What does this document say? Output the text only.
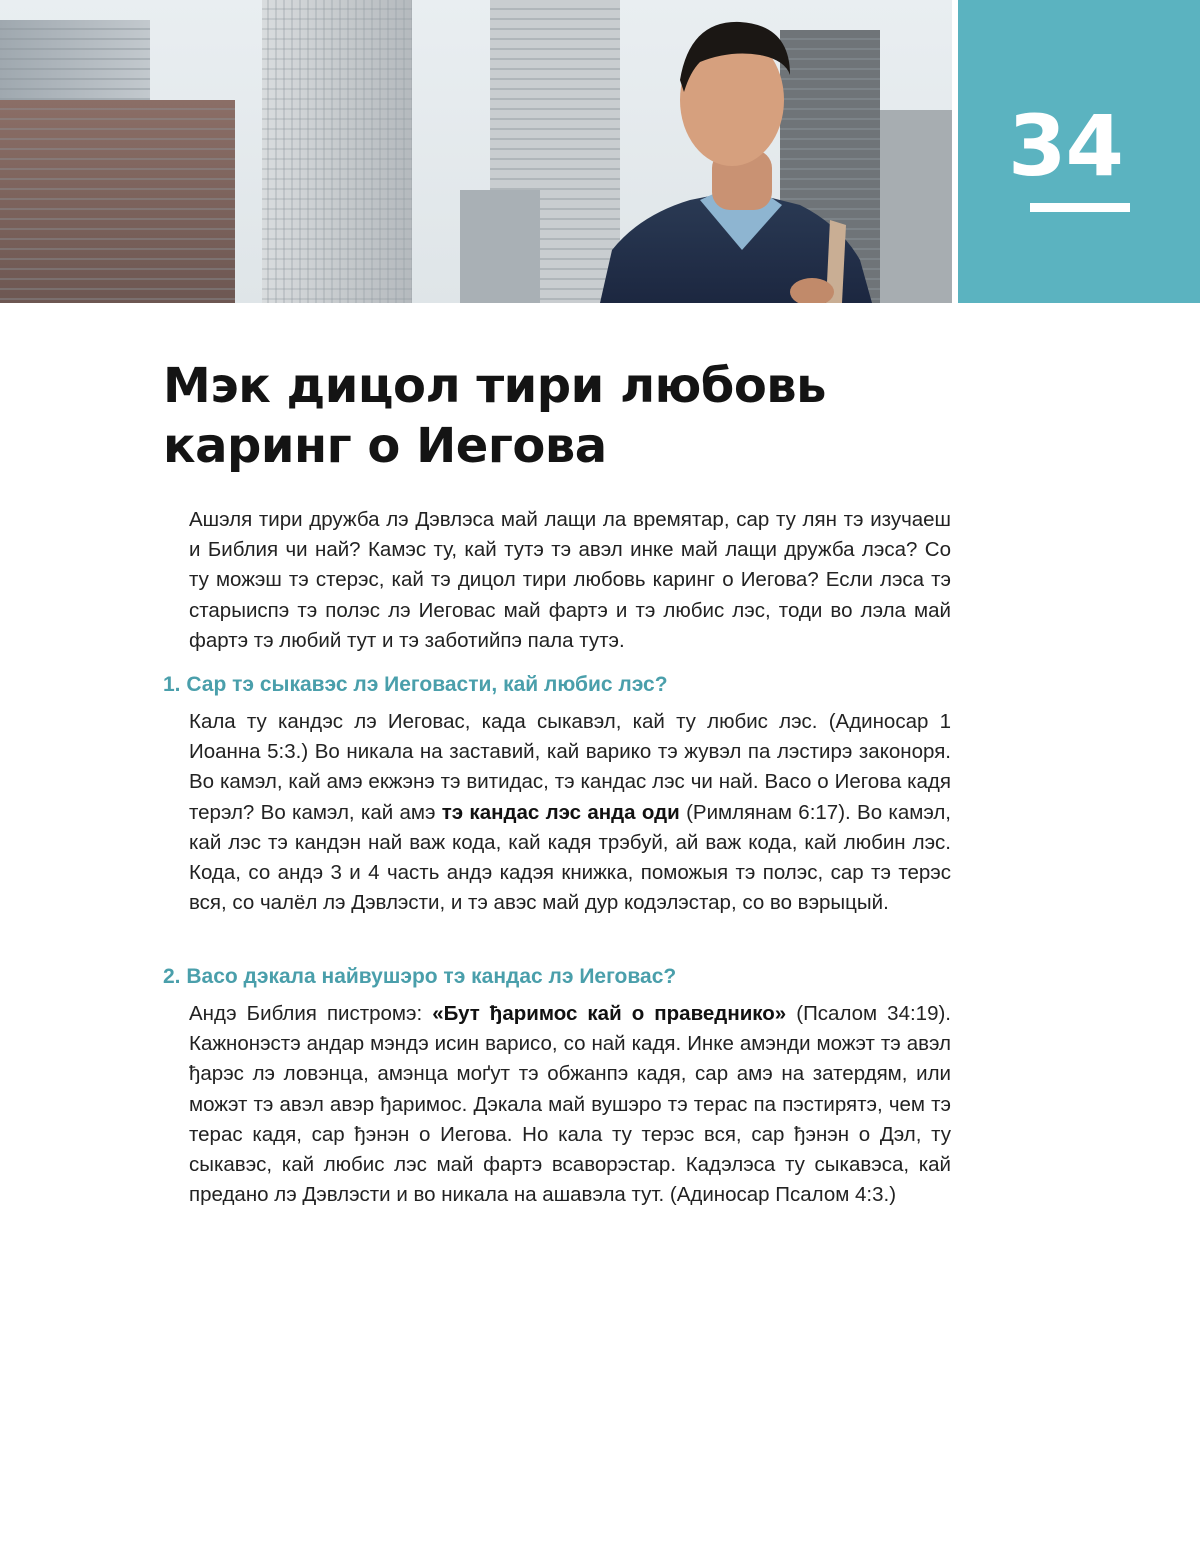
34
Мэк дицол тири любовь
каринг о Иегова

Ашэля тири дружба лэ Дэвлэса май лащи ла времятар, сар ту лян тэ изучаеш и Библия чи най? Камэс ту, кай тутэ тэ авэл инке май лащи дружба лэса? Со ту можэш тэ стерэс, кай тэ дицол тири любовь каринг о Иегова? Если лэса тэ старыиспэ тэ полэс лэ Иеговас май фартэ и тэ любис лэс, тоди во лэла май фартэ тэ любий тут и тэ заботийпэ пала тутэ.

1. Сар тэ сыкавэс лэ Иеговасти, кай любис лэс?

Кала ту кандэс лэ Иеговас, када сыкавэл, кай ту любис лэс. (Адиносар 1 Иоанна 5:3.) Во никала на заставий, кай варико тэ жувэл па лэстирэ законоря. Во камэл, кай амэ екжэнэ тэ витидас, тэ кандас лэс чи най. Васо о Иегова кадя терэл? Во камэл, кай амэ тэ кандас лэс анда оди (Римлянам 6:17). Во камэл, кай лэс тэ кандэн най важ кода, кай кадя трэбуй, ай важ кода, кай любин лэс. Кода, со андэ 3 и 4 часть андэ кадэя книжка, поможыя тэ полэс, сар тэ терэс вся, со чалёл лэ Дэвлэсти, и тэ авэс май дур кодэлэстар, со во вэрыцый.

2. Васо дэкала найвушэро тэ кандас лэ Иеговас?

Андэ Библия пистромэ: «Бут ђаримос кай о праведнико» (Псалом 34:19). Кажнонэстэ андар мэндэ исин варисо, со най кадя. Инке амэнди можэт тэ авэл ђарэс лэ ловэнца, амэнца моґут тэ обжанпэ кадя, сар амэ на затердям, или можэт тэ авэл авэр ђаримос. Дэкала май вушэро тэ терас па пэстирятэ, чем тэ терас кадя, сар ђэнэн о Иегова. Но кала ту терэс вся, сар ђэнэн о Дэл, ту сыкавэс, кай любис лэс май фартэ всаворэстар. Кадэлэса ту сыкавэса, кай предано лэ Дэвлэсти и во никала на ашавэла тут. (Адиносар Псалом 4:3.)
